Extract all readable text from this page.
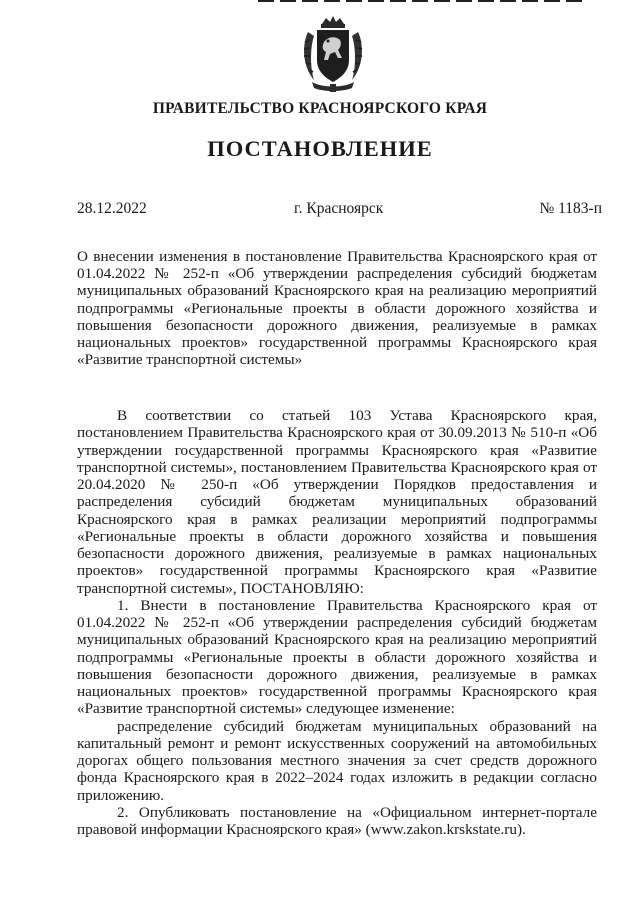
ПРАВИТЕЛЬСТВО КРАСНОЯРСКОГО КРАЯ
ПОСТАНОВЛЕНИЕ
28.12.2022	г. Красноярск	№ 1183-п

О внесении изменения в постановление Правительства Красноярского края от 01.04.2022 № 252-п «Об утверждении распределения субсидий бюджетам муниципальных образований Красноярского края на реализацию мероприятий подпрограммы «Региональные проекты в области дорожного хозяйства и повышения безопасности дорожного движения, реализуемые в рамках национальных проектов» государственной программы Красноярского края «Развитие транспортной системы»

В соответствии со статьей 103 Устава Красноярского края, постановлением Правительства Красноярского края от 30.09.2013 № 510-п «Об утверждении государственной программы Красноярского края «Развитие транспортной системы», постановлением Правительства Красноярского края от 20.04.2020 № 250-п «Об утверждении Порядков предоставления и распределения субсидий бюджетам муниципальных образований Красноярского края в рамках реализации мероприятий подпрограммы «Региональные проекты в области дорожного хозяйства и повышения безопасности дорожного движения, реализуемые в рамках национальных проектов» государственной программы Красноярского края «Развитие транспортной системы», ПОСТАНОВЛЯЮ:

1. Внести в постановление Правительства Красноярского края от 01.04.2022 № 252-п «Об утверждении распределения субсидий бюджетам муниципальных образований Красноярского края на реализацию мероприятий подпрограммы «Региональные проекты в области дорожного хозяйства и повышения безопасности дорожного движения, реализуемые в рамках национальных проектов» государственной программы Красноярского края «Развитие транспортной системы» следующее изменение:

распределение субсидий бюджетам муниципальных образований на капитальный ремонт и ремонт искусственных сооружений на автомобильных дорогах общего пользования местного значения за счет средств дорожного фонда Красноярского края в 2022–2024 годах изложить в редакции согласно приложению.

2. Опубликовать постановление на «Официальном интернет-портале правовой информации Красноярского края» (www.zakon.krskstate.ru).
